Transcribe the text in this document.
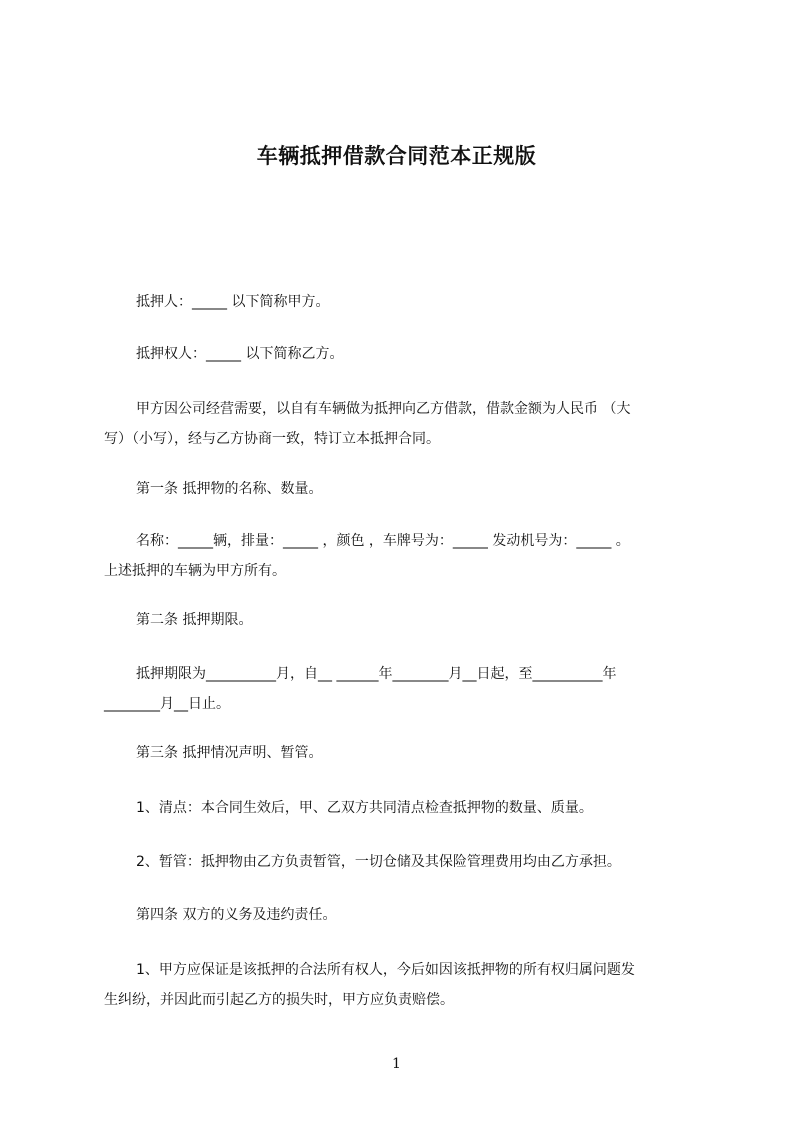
车辆抵押借款合同范本正规版

抵押人：_____ 以下简称甲方。

抵押权人：_____ 以下简称乙方。

甲方因公司经营需要，以自有车辆做为抵押向乙方借款，借款金额为人民币 （大
写）（小写），经与乙方协商一致，特订立本抵押合同。

第一条 抵押物的名称、数量。

名称：_____辆，排量：_____ ，颜色 ，车牌号为：_____ 发动机号为：_____ 。
上述抵押的车辆为甲方所有。

第二条 抵押期限。

抵押期限为__________月，自__ ______年________月__日起，至__________年
________月__日止。

第三条 抵押情况声明、暂管。

1、清点：本合同生效后，甲、乙双方共同清点检查抵押物的数量、质量。

2、暂管：抵押物由乙方负责暂管，一切仓储及其保险管理费用均由乙方承担。

第四条 双方的义务及违约责任。

1、甲方应保证是该抵押的合法所有权人，今后如因该抵押物的所有权归属问题发
生纠纷，并因此而引起乙方的损失时，甲方应负责赔偿。

1
